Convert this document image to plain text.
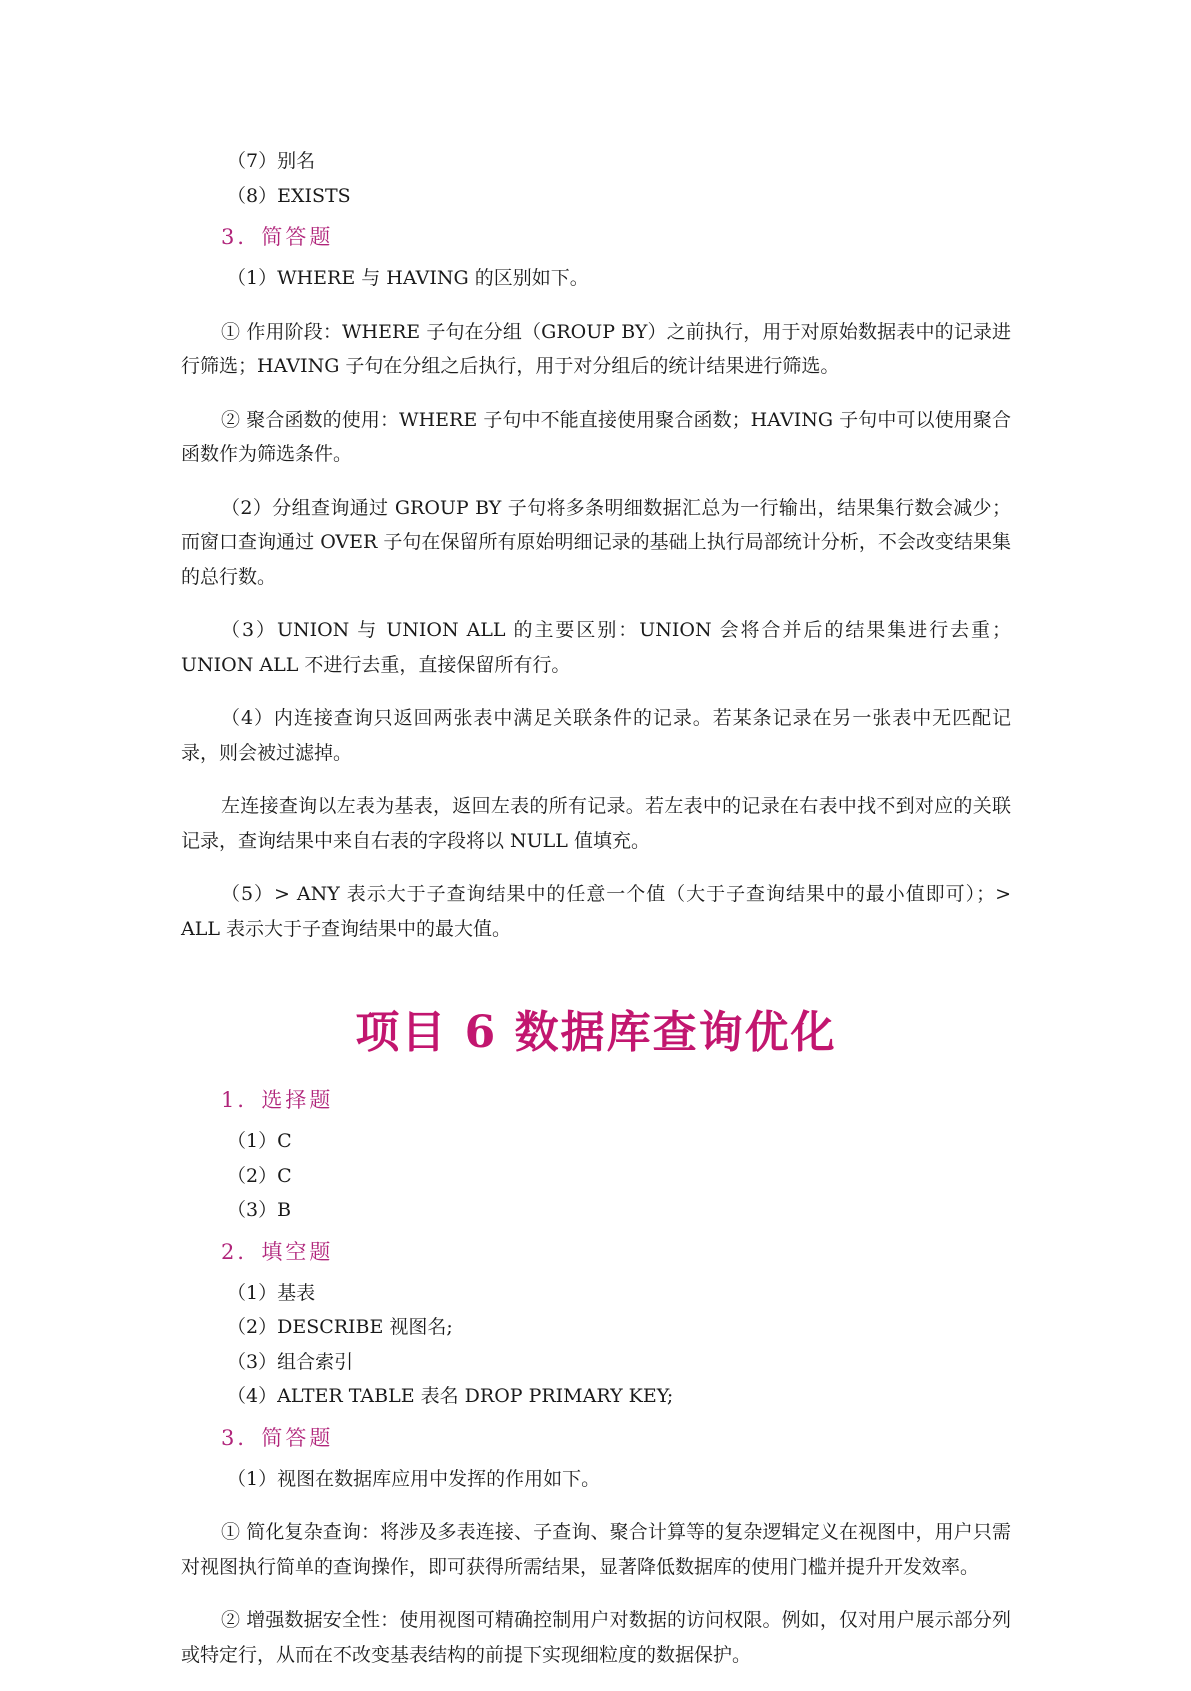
（7）别名

（8）EXISTS

3．简答题

（1）WHERE 与 HAVING 的区别如下。

① 作用阶段：WHERE 子句在分组（GROUP BY）之前执行，用于对原始数据表中的记录进行筛选；HAVING 子句在分组之后执行，用于对分组后的统计结果进行筛选。

② 聚合函数的使用：WHERE 子句中不能直接使用聚合函数；HAVING 子句中可以使用聚合函数作为筛选条件。

（2）分组查询通过 GROUP BY 子句将多条明细数据汇总为一行输出，结果集行数会减少；而窗口查询通过 OVER 子句在保留所有原始明细记录的基础上执行局部统计分析，不会改变结果集的总行数。

（3）UNION 与 UNION ALL 的主要区别：UNION 会将合并后的结果集进行去重；UNION ALL 不进行去重，直接保留所有行。

（4）内连接查询只返回两张表中满足关联条件的记录。若某条记录在另一张表中无匹配记录，则会被过滤掉。

左连接查询以左表为基表，返回左表的所有记录。若左表中的记录在右表中找不到对应的关联记录，查询结果中来自右表的字段将以 NULL 值填充。

（5）> ANY 表示大于子查询结果中的任意一个值（大于子查询结果中的最小值即可）；> ALL 表示大于子查询结果中的最大值。

项目 6 数据库查询优化

1．选择题

（1）C

（2）C

（3）B

2．填空题

（1）基表

（2）DESCRIBE 视图名;

（3）组合索引

（4）ALTER TABLE 表名 DROP PRIMARY KEY;

3．简答题

（1）视图在数据库应用中发挥的作用如下。

① 简化复杂查询：将涉及多表连接、子查询、聚合计算等的复杂逻辑定义在视图中，用户只需对视图执行简单的查询操作，即可获得所需结果，显著降低数据库的使用门槛并提升开发效率。

② 增强数据安全性：使用视图可精确控制用户对数据的访问权限。例如，仅对用户展示部分列或特定行，从而在不改变基表结构的前提下实现细粒度的数据保护。
